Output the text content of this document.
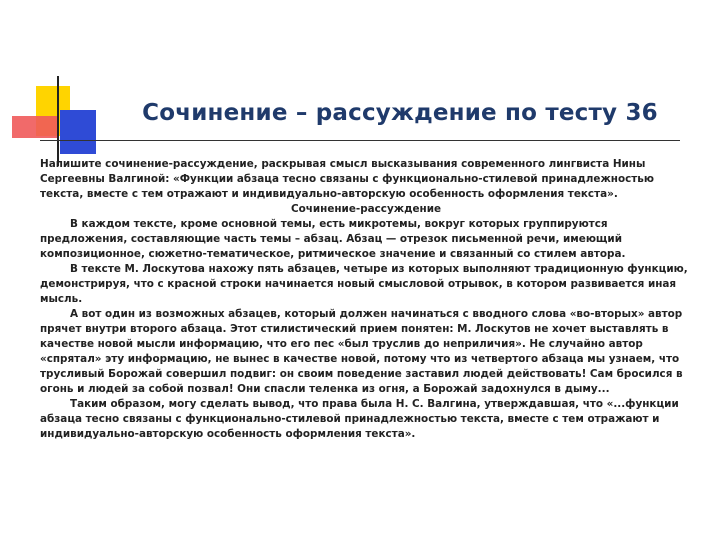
Сочинение – рассуждение по тесту 36

Напишите сочинение-рассуждение, раскрывая смысл высказывания современного лингвиста Нины Сергеевны Валгиной: «Функции абзаца тесно связаны с функционально-стилевой принадлежностью текста, вместе с тем отражают и индивидуально-авторскую особенность оформления текста».

Сочинение-рассуждение

В каждом тексте, кроме основной темы, есть микротемы, вокруг которых группируются предложения, составляющие часть темы – абзац. Абзац — отрезок письменной речи, имеющий композиционное, сюжетно-тематическое, ритмическое значение и связанный со стилем автора.

В тексте М. Лоскутова нахожу пять абзацев, четыре из которых выполняют традиционную функцию, демонстрируя, что с красной строки начинается новый смысловой отрывок, в котором развивается иная мысль.

А вот один из возможных абзацев, который должен начинаться с вводного слова «во-вторых» автор прячет внутри второго абзаца. Этот стилистический прием понятен: М. Лоскутов не хочет выставлять в качестве новой мысли информацию, что его пес «был труслив до неприличия». Не случайно автор «спрятал» эту информацию, не вынес в качестве новой, потому что из четвертого абзаца мы узнаем, что трусливый Борожай совершил подвиг: он своим поведение заставил людей действовать! Сам бросился в огонь и людей за собой позвал! Они спасли теленка из огня, а Борожай задохнулся в дыму...

Таким образом, могу сделать вывод, что права была Н. С. Валгина, утверждавшая, что «...функции абзаца тесно связаны с функционально-стилевой принадлежностью текста, вместе с тем отражают и индивидуально-авторскую особенность оформления текста».
